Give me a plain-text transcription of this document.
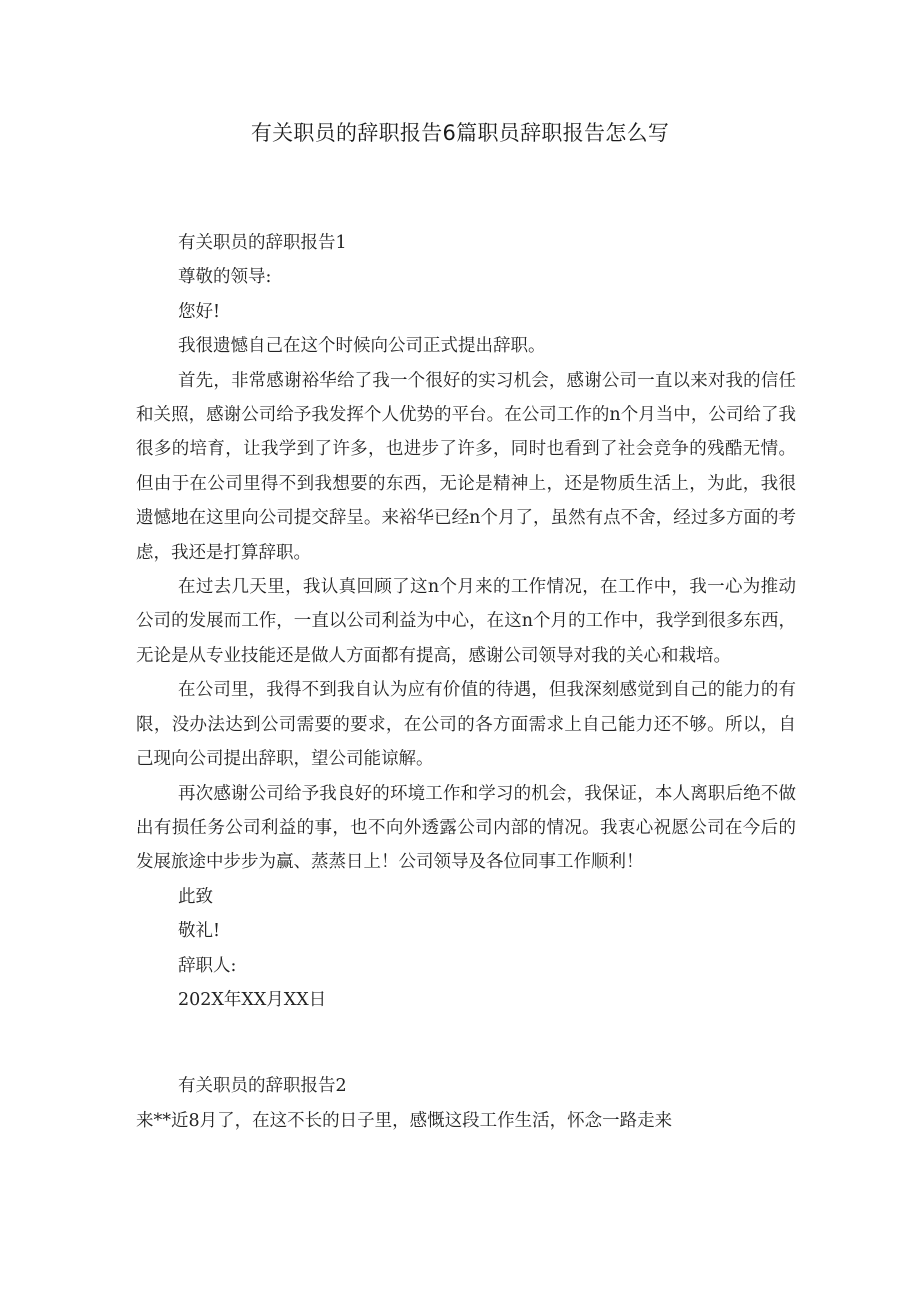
有关职员的辞职报告6篇职员辞职报告怎么写

有关职员的辞职报告1

尊敬的领导:

您好!

我很遗憾自己在这个时候向公司正式提出辞职。

首先，非常感谢裕华给了我一个很好的实习机会，感谢公司一直以来对我的信任和关照，感谢公司给予我发挥个人优势的平台。在公司工作的n个月当中，公司给了我很多的培育，让我学到了许多，也进步了许多，同时也看到了社会竞争的残酷无情。但由于在公司里得不到我想要的东西，无论是精神上，还是物质生活上，为此，我很遗憾地在这里向公司提交辞呈。来裕华已经n个月了，虽然有点不舍，经过多方面的考虑，我还是打算辞职。

在过去几天里，我认真回顾了这n个月来的工作情况，在工作中，我一心为推动公司的发展而工作，一直以公司利益为中心，在这n个月的工作中，我学到很多东西，无论是从专业技能还是做人方面都有提高，感谢公司领导对我的关心和栽培。

在公司里，我得不到我自认为应有价值的待遇，但我深刻感觉到自己的能力的有限，没办法达到公司需要的要求，在公司的各方面需求上自己能力还不够。所以，自己现向公司提出辞职，望公司能谅解。

再次感谢公司给予我良好的环境工作和学习的机会，我保证，本人离职后绝不做出有损任务公司利益的事，也不向外透露公司内部的情况。我衷心祝愿公司在今后的发展旅途中步步为赢、蒸蒸日上！公司领导及各位同事工作顺利！

此致

敬礼!

辞职人:

202X年XX月XX日

有关职员的辞职报告2

来**近8月了，在这不长的日子里，感慨这段工作生活，怀念一路走来
